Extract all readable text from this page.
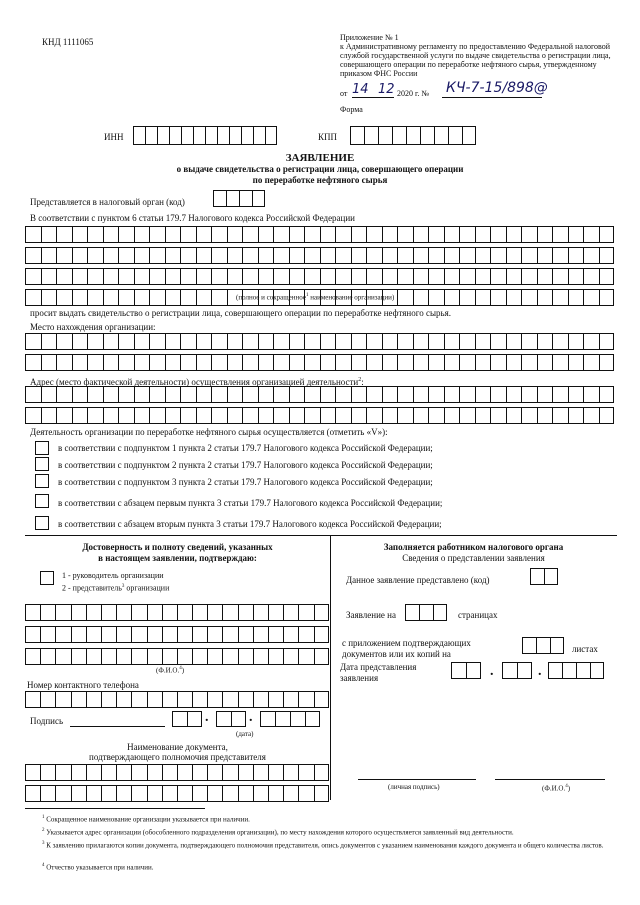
КНД 1111065	Приложение № 1
к Административному регламенту по предоставлению Федеральной налоговой
службой государственной услуги по выдаче свидетельства о регистрации лица,
совершающего операции по переработке нефтяного сырья, утвержденному
приказом ФНС России
от 14 12 2020 г. № КЧ-7-15/898@
Форма
ИНН	КПП
ЗАЯВЛЕНИЕ
о выдаче свидетельства о регистрации лица, совершающего операции
по переработке нефтяного сырья
Представляется в налоговый орган (код)
В соответствии с пунктом 6 статьи 179.7 Налогового кодекса Российской Федерации
(полное и сокращенное$^1$ наименование организации)
просит выдать свидетельство о регистрации лица, совершающего операции по переработке нефтяного сырья.
Место нахождения организации:
Адрес (место фактической деятельности) осуществления организацией деятельности$^2$:
Деятельность организации по переработке нефтяного сырья осуществляется (отметить «V»):
в соответствии с подпунктом 1 пункта 2 статьи 179.7 Налогового кодекса Российской Федерации;
в соответствии с подпунктом 2 пункта 2 статьи 179.7 Налогового кодекса Российской Федерации;
в соответствии с подпунктом 3 пункта 2 статьи 179.7 Налогового кодекса Российской Федерации;
в соответствии с абзацем первым пункта 3 статьи 179.7 Налогового кодекса Российской Федерации;
в соответствии с абзацем вторым пункта 3 статьи 179.7 Налогового кодекса Российской Федерации;
Достоверность и полноту сведений, указанных
в настоящем заявлении, подтверждаю:
1 - руководитель организации
2 - представитель$^3$ организации
(Ф.И.О.$^4$)
Номер контактного телефона
Подпись	.	.
(дата)
Наименование документа,
подтверждающего полномочия представителя
Заполняется работником налогового органа
Сведения о представлении заявления
Данное заявление представлено (код)
Заявление на	страницах
с приложением подтверждающих
документов или их копий на	листах
Дата представления
заявления	.	.
(личная подпись)	(Ф.И.О.$^4$)
$^1$ Сокращенное наименование организации указывается при наличии.
$^2$ Указывается адрес организации (обособленного подразделения организации), по месту нахождения которого осуществляется заявленный вид деятельности.
$^3$ К заявлению прилагаются копии документа, подтверждающего полномочия представителя, опись документов с указанием наименования каждого документа и общего количества листов.
$^4$ Отчество указывается при наличии.
